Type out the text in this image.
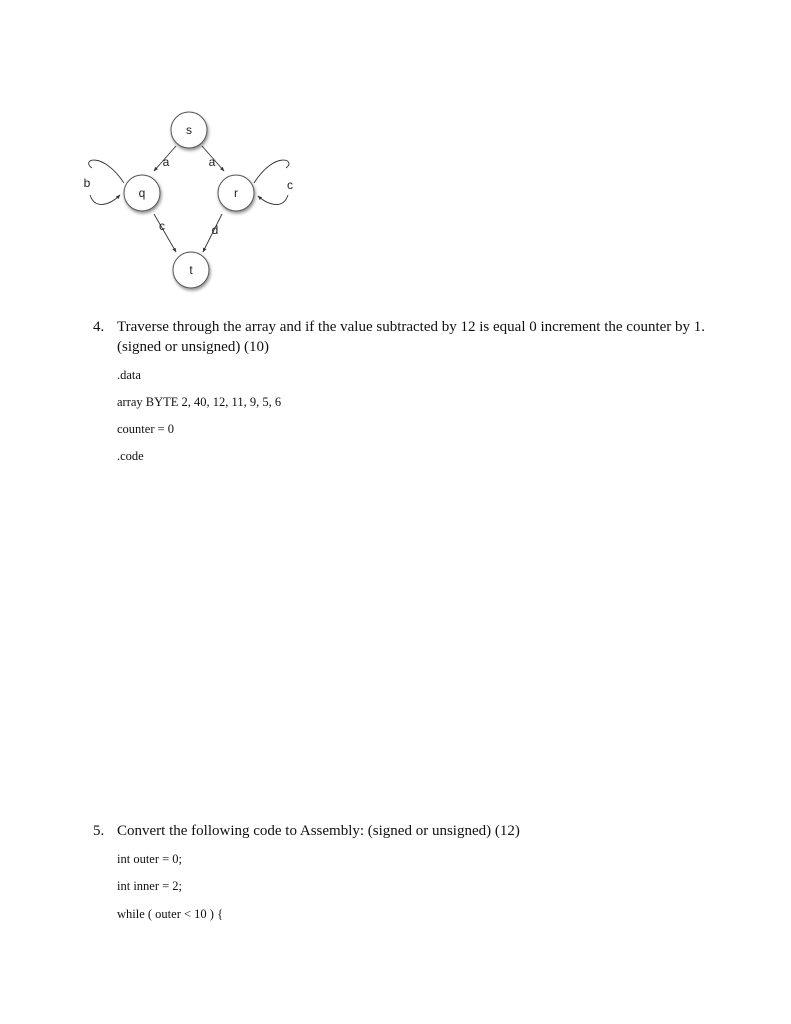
s
q	r
t
a	a
b	c
c	d
4. Traverse through the array and if the value subtracted by 12 is equal 0 increment the counter by 1. (signed or unsigned) (10)
.data
array BYTE 2, 40, 12, 11, 9, 5, 6
counter = 0
.code
5. Convert the following code to Assembly: (signed or unsigned) (12)
int outer = 0;
int inner = 2;
while ( outer < 10 ) {
